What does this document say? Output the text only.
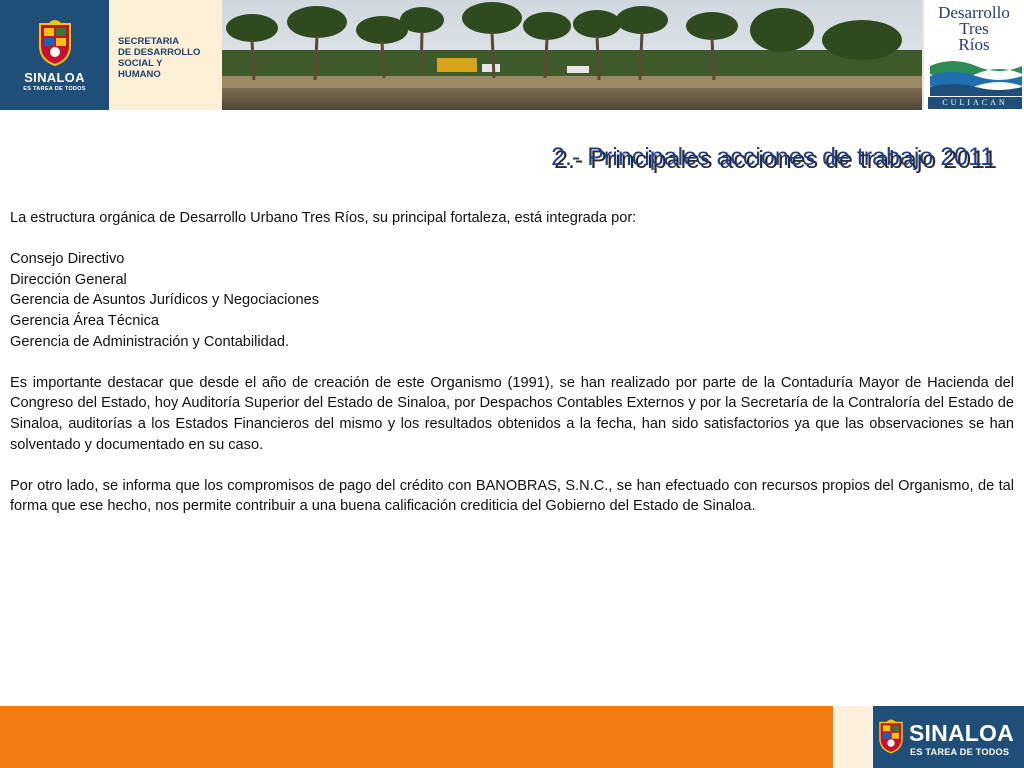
SINALOA
ES TAREA DE TODOS
SECRETARIA
DE DESARROLLO
SOCIAL Y
HUMANO
Desarrollo
Tres
Ríos
CULIACAN
2.- Principales acciones de trabajo 2011

La estructura orgánica de Desarrollo Urbano Tres Ríos, su principal fortaleza, está integrada por:

Consejo Directivo

Dirección General

Gerencia de Asuntos Jurídicos y Negociaciones

Gerencia Área Técnica

Gerencia de Administración y Contabilidad.

Es importante destacar que desde el año de creación de este Organismo (1991), se han realizado por parte de la Contaduría Mayor de Hacienda del Congreso del Estado, hoy Auditoría Superior del Estado de Sinaloa, por Despachos Contables Externos y por la Secretaría de la Contraloría del Estado de Sinaloa, auditorías a los Estados Financieros del mismo y los resultados obtenidos a la fecha, han sido satisfactorios ya que las observaciones se han solventado y documentado en su caso.

Por otro lado, se informa que los compromisos de pago del crédito con BANOBRAS, S.N.C., se han efectuado con recursos propios del Organismo, de tal forma que ese hecho, nos permite contribuir a una buena calificación crediticia del Gobierno del Estado de Sinaloa.

SINALOA
ES TAREA DE TODOS
